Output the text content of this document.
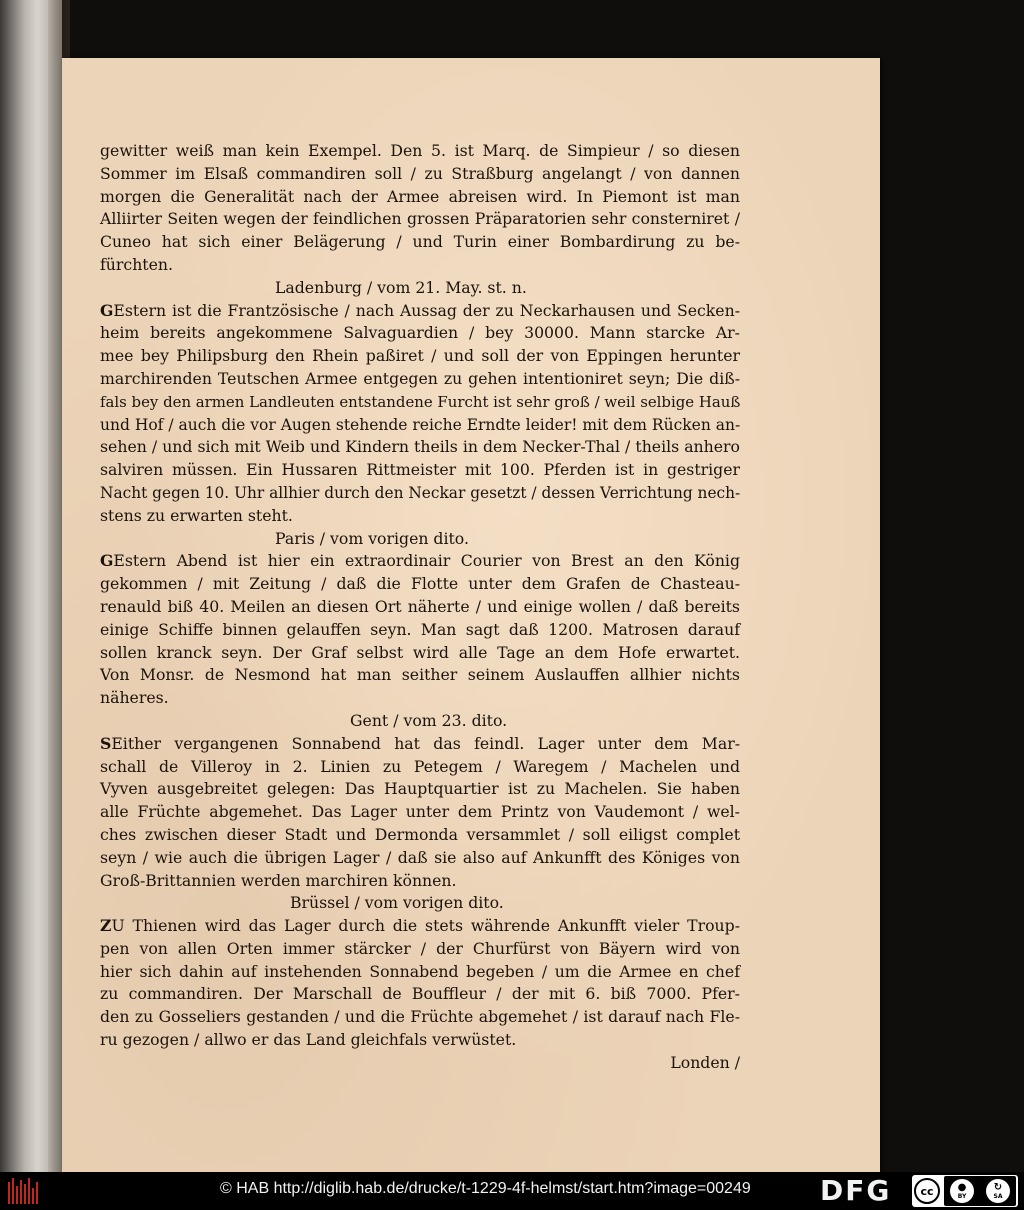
gewitter weiß man kein Exempel. Den 5. ist Marq. de Simpieur / so diesen
Sommer im Elsaß commandiren soll / zu Straßburg angelangt / von dannen
morgen die Generalität nach der Armee abreisen wird. In Piemont ist man
Alliirter Seiten wegen der feindlichen grossen Präparatorien sehr consterniret /
Cuneo hat sich einer Belägerung / und Turin einer Bombardirung zu be-
fürchten.
Ladenburg / vom 21. May. st. n.
GEstern ist die Frantzösische / nach Aussag der zu Neckarhausen und Secken-
heim bereits angekommene Salvaguardien / bey 30000. Mann starcke Ar-
mee bey Philipsburg den Rhein paßiret / und soll der von Eppingen herunter
marchirenden Teutschen Armee entgegen zu gehen intentioniret seyn; Die diß-
fals bey den armen Landleuten entstandene Furcht ist sehr groß / weil selbige Hauß
und Hof / auch die vor Augen stehende reiche Erndte leider! mit dem Rücken an-
sehen / und sich mit Weib und Kindern theils in dem Necker-Thal / theils anhero
salviren müssen. Ein Hussaren Rittmeister mit 100. Pferden ist in gestriger
Nacht gegen 10. Uhr allhier durch den Neckar gesetzt / dessen Verrichtung nech-
stens zu erwarten steht.
Paris / vom vorigen dito.
GEstern Abend ist hier ein extraordinair Courier von Brest an den König
gekommen / mit Zeitung / daß die Flotte unter dem Grafen de Chasteau-
renauld biß 40. Meilen an diesen Ort näherte / und einige wollen / daß bereits
einige Schiffe binnen gelauffen seyn. Man sagt daß 1200. Matrosen darauf
sollen kranck seyn. Der Graf selbst wird alle Tage an dem Hofe erwartet.
Von Monsr. de Nesmond hat man seither seinem Auslauffen allhier nichts
näheres.
Gent / vom 23. dito.
SEither vergangenen Sonnabend hat das feindl. Lager unter dem Mar-
schall de Villeroy in 2. Linien zu Petegem / Waregem / Machelen und
Vyven ausgebreitet gelegen: Das Hauptquartier ist zu Machelen. Sie haben
alle Früchte abgemehet. Das Lager unter dem Printz von Vaudemont / wel-
ches zwischen dieser Stadt und Dermonda versammlet / soll eiligst complet
seyn / wie auch die übrigen Lager / daß sie also auf Ankunfft des Königes von
Groß-Brittannien werden marchiren können.
Brüssel / vom vorigen dito.
ZU Thienen wird das Lager durch die stets währende Ankunfft vieler Troup-
pen von allen Orten immer stärcker / der Churfürst von Bäyern wird von
hier sich dahin auf instehenden Sonnabend begeben / um die Armee en chef
zu commandiren. Der Marschall de Bouffleur / der mit 6. biß 7000. Pfer-
den zu Gosseliers gestanden / und die Früchte abgemehet / ist darauf nach Fle-
ru gezogen / allwo er das Land gleichfals verwüstet.
Londen /
© HAB http://diglib.hab.de/drucke/t-1229-4f-helmst/start.htm?image=00249	DFG	cc	●
BY
↻
SA
